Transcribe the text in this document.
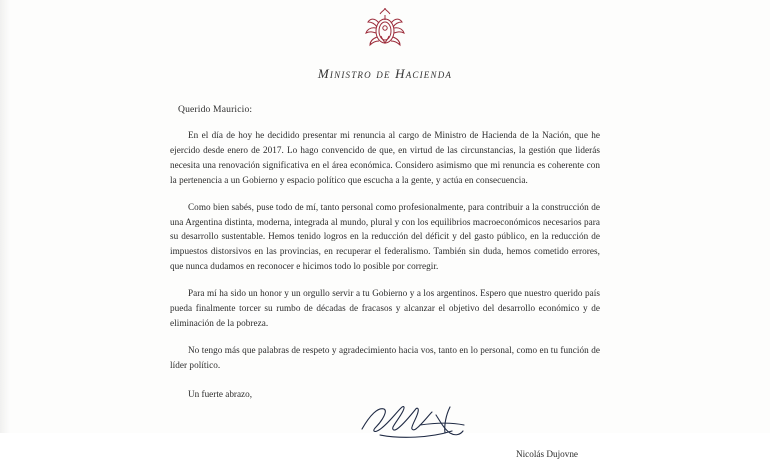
Ministro de Hacienda
Querido Mauricio:

En el día de hoy he decidido presentar mi renuncia al cargo de Ministro de Hacienda de la Nación, que he ejercido desde enero de 2017. Lo hago convencido de que, en virtud de las circunstancias, la gestión que liderás necesita una renovación significativa en el área económica. Considero asimismo que mi renuncia es coherente con la pertenencia a un Gobierno y espacio político que escucha a la gente, y actúa en consecuencia.

Como bien sabés, puse todo de mí, tanto personal como profesionalmente, para contribuir a la construcción de una Argentina distinta, moderna, integrada al mundo, plural y con los equilibrios macroeconómicos necesarios para su desarrollo sustentable. Hemos tenido logros en la reducción del déficit y del gasto público, en la reducción de impuestos distorsivos en las provincias, en recuperar el federalismo. También sin duda, hemos cometido errores, que nunca dudamos en reconocer e hicimos todo lo posible por corregir.

Para mí ha sido un honor y un orgullo servir a tu Gobierno y a los argentinos. Espero que nuestro querido país pueda finalmente torcer su rumbo de décadas de fracasos y alcanzar el objetivo del desarrollo económico y de eliminación de la pobreza.

No tengo más que palabras de respeto y agradecimiento hacia vos, tanto en lo personal, como en tu función de líder político.

Un fuerte abrazo,

Nicolás Dujovne
